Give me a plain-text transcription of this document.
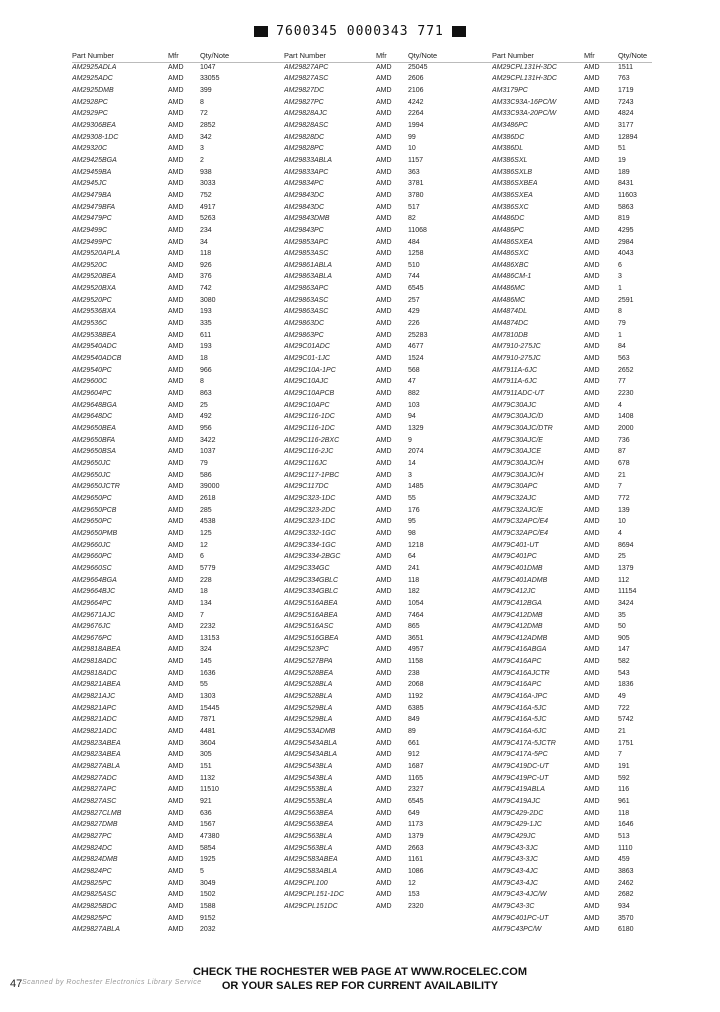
7600345 0000343 771
Part Number	Mfr	Qty/Note
AM2925ADLA	AMD	1047
AM2925ADC	AMD	33055
AM2925DMB	AMD	399
AM2928PC	AMD	8
AM2929PC	AMD	72
AM29306BEA	AMD	2852
AM29308-1DC	AMD	342
AM29320C	AMD	3
AM29425BGA	AMD	2
AM29459BA	AMD	938
AM2945JC	AMD	3033
AM29479BA	AMD	752
AM29479BFA	AMD	4917
AM29479PC	AMD	5263
AM29499C	AMD	234
AM29499PC	AMD	34
AM29520APLA	AMD	118
AM29520C	AMD	926
AM29520BEA	AMD	376
AM29520BXA	AMD	742
AM29520PC	AMD	3080
AM29536BXA	AMD	193
AM29536C	AMD	335
AM29538BEA	AMD	611
AM29540ADC	AMD	193
AM29540ADCB	AMD	18
AM29540PC	AMD	966
AM29600C	AMD	8
AM29604PC	AMD	863
AM29648BGA	AMD	25
AM29648DC	AMD	492
AM29650BEA	AMD	956
AM29650BFA	AMD	3422
AM29650BSA	AMD	1037
AM29650JC	AMD	79
AM29650JC	AMD	586
AM29650JCTR	AMD	39000
AM29650PC	AMD	2618
AM29650PCB	AMD	285
AM29650PC	AMD	4538
AM29650PMB	AMD	125
AM29660JC	AMD	12
AM29660PC	AMD	6
AM29660SC	AMD	5779
AM29664BGA	AMD	228
AM29664BJC	AMD	18
AM29664PC	AMD	134
AM29671AJC	AMD	7
AM29676JC	AMD	2232
AM29676PC	AMD	13153
AM29818ABEA	AMD	324
AM29818ADC	AMD	145
AM29818ADC	AMD	1636
AM29821ABEA	AMD	55
AM29821AJC	AMD	1303
AM29821APC	AMD	15445
AM29821ADC	AMD	7871
AM29821ADC	AMD	4481
AM29823ABEA	AMD	3604
AM29823ABEA	AMD	305
AM29827ABLA	AMD	151
AM29827ADC	AMD	1132
AM29827APC	AMD	11510
AM29827ASC	AMD	921
AM29827CLMB	AMD	636
AM29827DMB	AMD	1567
AM29827PC	AMD	47380
AM29824DC	AMD	5854
AM29824DMB	AMD	1925
AM29824PC	AMD	5
AM29825PC	AMD	3049
AM29825ASC	AMD	1502
AM29825BDC	AMD	1588
AM29825PC	AMD	9152
AM29827ABLA	AMD	2032
Part Number	Mfr	Qty/Note
AM29827APC	AMD	25045
AM29827ASC	AMD	2606
AM29827DC	AMD	2106
AM29827PC	AMD	4242
AM29828AJC	AMD	2264
AM29828ASC	AMD	1994
AM29828DC	AMD	99
AM29828PC	AMD	10
AM29833ABLA	AMD	1157
AM29833APC	AMD	363
AM29834PC	AMD	3781
AM29843DC	AMD	3780
AM29843DC	AMD	517
AM29843DMB	AMD	82
AM29843PC	AMD	11068
AM29853APC	AMD	484
AM29853ASC	AMD	1258
AM29861ABLA	AMD	510
AM29863ABLA	AMD	744
AM29863APC	AMD	6545
AM29863ASC	AMD	257
AM29863ASC	AMD	429
AM29863DC	AMD	226
AM29863PC	AMD	25283
AM29C01ADC	AMD	4677
AM29C01-1JC	AMD	1524
AM29C10A-1PC	AMD	568
AM29C10AJC	AMD	47
AM29C10APCB	AMD	882
AM29C10APC	AMD	103
AM29C116-1DC	AMD	94
AM29C116-1DC	AMD	1329
AM29C116-2BXC	AMD	9
AM29C116-2JC	AMD	2074
AM29C116JC	AMD	14
AM29C117-1PBC	AMD	3
AM29C117DC	AMD	1485
AM29C323-1DC	AMD	55
AM29C323-2DC	AMD	176
AM29C323-1DC	AMD	95
AM29C332-1GC	AMD	98
AM29C334-1GC	AMD	1218
AM29C334-2BGC	AMD	64
AM29C334GC	AMD	241
AM29C334GBLC	AMD	118
AM29C334GBLC	AMD	182
AM29C516ABEA	AMD	1054
AM29C516ABEA	AMD	7464
AM29C516ASC	AMD	865
AM29C516GBEA	AMD	3651
AM29C523PC	AMD	4957
AM29C527BPA	AMD	1158
AM29C528BEA	AMD	238
AM29C528BLA	AMD	2068
AM29C528BLA	AMD	1192
AM29C529BLA	AMD	6385
AM29C529BLA	AMD	849
AM29C53ADMB	AMD	89
AM29C543ABLA	AMD	661
AM29C543ABLA	AMD	912
AM29C543BLA	AMD	1687
AM29C543BLA	AMD	1165
AM29C553BLA	AMD	2327
AM29C553BLA	AMD	6545
AM29C563BEA	AMD	649
AM29C563BEA	AMD	1173
AM29C563BLA	AMD	1379
AM29C563BLA	AMD	2663
AM29C583ABEA	AMD	1161
AM29C583ABLA	AMD	1086
AM29CPL100	AMD	12
AM29CPL151-1DC	AMD	153
AM29CPL151DC	AMD	2320
Part Number	Mfr	Qty/Note
AM29CPL131H-3DC	AMD	1511
AM29CPL131H-3DC	AMD	763
AM3179PC	AMD	1719
AM33C93A-16PC/W	AMD	7243
AM33C93A-20PC/W	AMD	4824
AM3486PC	AMD	3177
AM386DC	AMD	12894
AM386DL	AMD	51
AM386SXL	AMD	19
AM386SXLB	AMD	189
AM386SXBEA	AMD	8431
AM386SXEA	AMD	11603
AM386SXC	AMD	5863
AM486DC	AMD	819
AM486PC	AMD	4295
AM486SXEA	AMD	2984
AM486SXC	AMD	4043
AM486XBC	AMD	6
AM486CM-1	AMD	3
AM486MC	AMD	1
AM486MC	AMD	2591
AM4874DL	AMD	8
AM4874DC	AMD	79
AM7810DB	AMD	1
AM7910-275JC	AMD	84
AM7910-275JC	AMD	563
AM7911A-6JC	AMD	2652
AM7911A-6JC	AMD	77
AM7911ADC-UT	AMD	2230
AM79C30AJC	AMD	4
AM79C30AJC/D	AMD	1408
AM79C30AJC/DTR	AMD	2000
AM79C30AJC/E	AMD	736
AM79C30AJCE	AMD	87
AM79C30AJC/H	AMD	678
AM79C30AJC/H	AMD	21
AM79C30APC	AMD	7
AM79C32AJC	AMD	772
AM79C32AJC/E	AMD	139
AM79C32APC/E4	AMD	10
AM79C32APC/E4	AMD	4
AM79C401-UT	AMD	8694
AM79C401PC	AMD	25
AM79C401DMB	AMD	1379
AM79C401ADMB	AMD	112
AM79C412JC	AMD	11154
AM79C412BGA	AMD	3424
AM79C412DMB	AMD	35
AM79C412DMB	AMD	50
AM79C412ADMB	AMD	905
AM79C416ABGA	AMD	147
AM79C416APC	AMD	582
AM79C416AJCTR	AMD	543
AM79C416APC	AMD	1836
AM79C416A-JPC	AMD	49
AM79C416A-5JC	AMD	722
AM79C416A-5JC	AMD	5742
AM79C416A-6JC	AMD	21
AM79C417A-5JCTR	AMD	1751
AM79C417A-5PC	AMD	7
AM79C419DC-UT	AMD	191
AM79C419PC-UT	AMD	592
AM79C419ABLA	AMD	116
AM79C419AJC	AMD	961
AM79C429-2DC	AMD	118
AM79C429-1JC	AMD	1646
AM79C429JC	AMD	513
AM79C43-3JC	AMD	1110
AM79C43-3JC	AMD	459
AM79C43-4JC	AMD	3863
AM79C43-4JC	AMD	2462
AM79C43-4JC/W	AMD	2682
AM79C43-3C	AMD	934
AM79C401PC-UT	AMD	3570
AM79C43PC/W	AMD	6180
CHECK THE ROCHESTER WEB PAGE AT WWW.ROCELEC.COM
OR YOUR SALES REP FOR CURRENT AVAILABILITY
47 Scanned by Rochester Electronics Library Service
